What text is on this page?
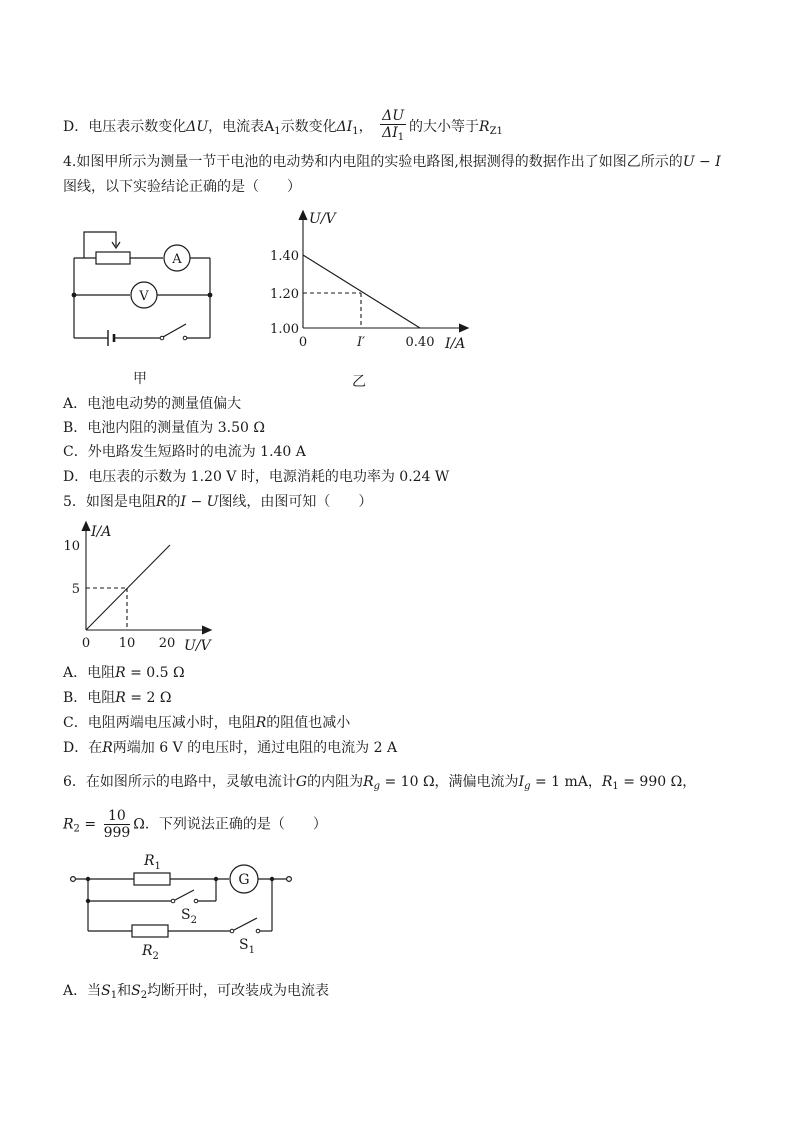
D．电压表示数变化ΔU，电流表$A_1$示数变化$\Delta I_1$， $\frac{\Delta U}{\Delta I_1}$ 的大小等于$R_{Z1}$
4.如图甲所示为测量一节干电池的电动势和内电阻的实验电路图,根据测得的数据作出了如图乙所示的U − I
图线，以下实验结论正确的是（　　）
A
V
甲
U/V
1.40
1.20
1.00
0	I′	0.40 I/A
乙
A．电池电动势的测量值偏大
B．电池内阻的测量值为 3.50 Ω
C．外电路发生短路时的电流为 1.40 A
D．电压表的示数为 1.20 V 时，电源消耗的电功率为 0.24 W
5．如图是电阻R的I − U图线，由图可知（　　）
I/A
10
5
0 10 20 U/V
A．电阻R = 0.5 Ω
B．电阻R = 2 Ω
C．电阻两端电压减小时，电阻R的阻值也减小
D．在R两端加 6 V 的电压时，通过电阻的电流为 2 A
6．在如图所示的电路中，灵敏电流计G的内阻为$R_g = 10$ Ω，满偏电流为$I_g = 1$ mA，$R_1 = 990$ Ω，
$R_2 = \frac{10}{999}$ Ω．下列说法正确的是（　　）
$R_1$
G
$S_2$
$R_2$
$S_1$
A．当$S_1$和$S_2$均断开时，可改装成为电流表
